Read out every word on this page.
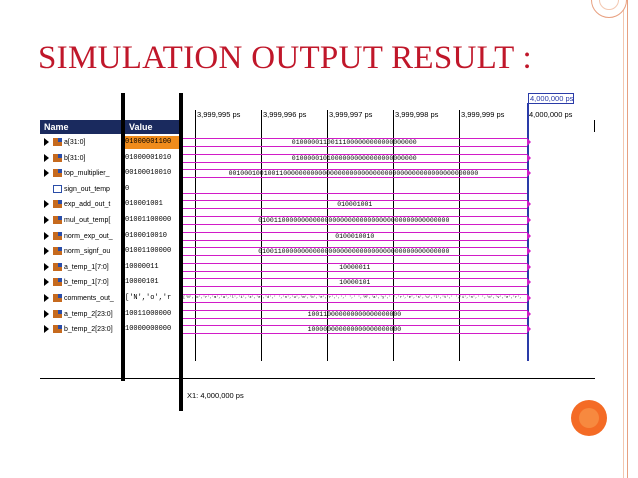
SIMULATION OUTPUT RESULT :
Name	Value
4,000,000 ps
3,999,995 ps	3,999,996 ps	3,999,997 ps	3,999,998 ps	3,999,999 ps	4,000,000 ps
a[31:0]	01000001100	01000001100111000000000000000000
b[31:0]	01000001010	01000001010000000000000000000000
top_multiplier_	00100010010	0010001001001100000000000000000000000000000000000000000000000000
sign_out_temp	0
exp_add_out_t	010001001	010001001
mul_out_temp[	01001100000	0100110000000000000000000000000000000000000000000
norm_exp_out_	0100010010	0100010010
norm_signf_ou	01001100000	0100110000000000000000000000000000000000000000000
a_temp_1[7:0]	10000011	10000011
b_temp_1[7:0]	10000101	10000101
comments_out_	['N','o','r	['N','o','r','m','a','l','i','z','e','d',' ','n','u','m','b','e','r',',',' ',' ','M','a','y',' ','r','e','s','u','l','t',' ','i','n',' ','o','v','e','r',
a_temp_2[23:0]	10011000000	100110000000000000000000
b_temp_2[23:0]	10000000000	100000000000000000000000
X1: 4,000,000 ps
